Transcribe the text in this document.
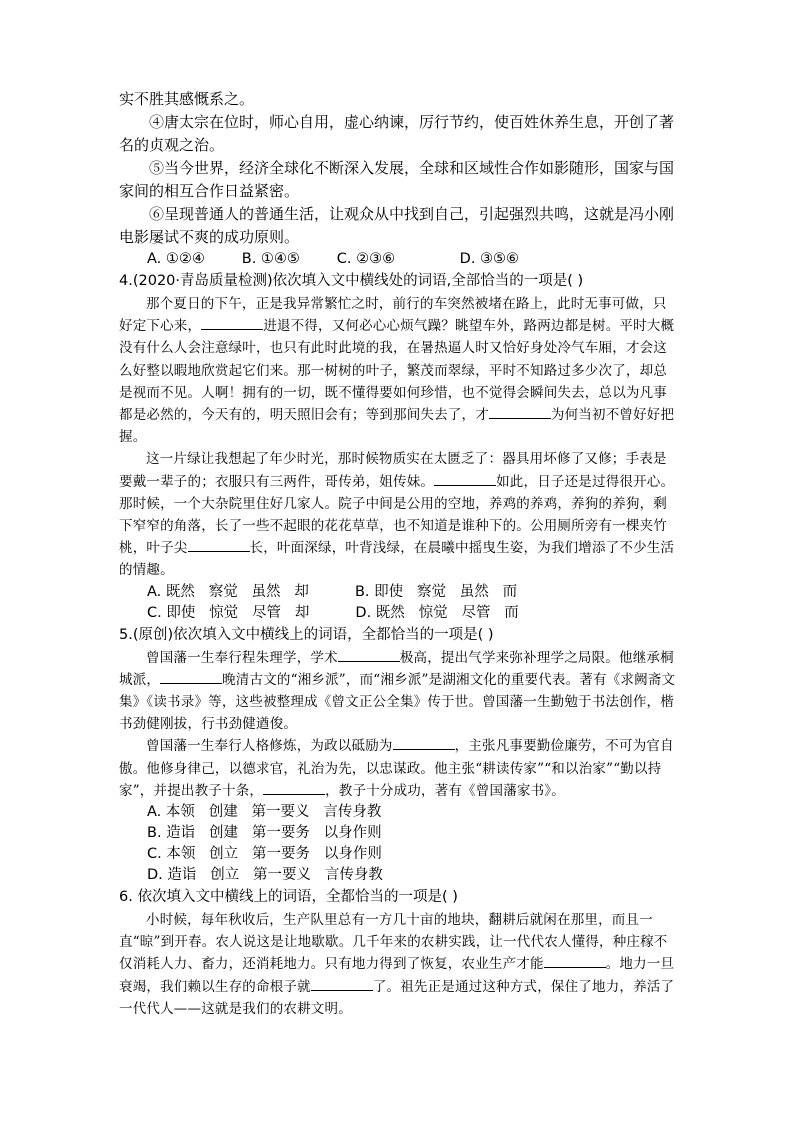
实不胜其感慨系之。

④唐太宗在位时，师心自用，虚心纳谏，厉行节约，使百姓休养生息，开创了著名的贞观之治。

⑤当今世界，经济全球化不断深入发展，全球和区域性合作如影随形，国家与国家间的相互合作日益紧密。

⑥呈现普通人的普通生活，让观众从中找到自己，引起强烈共鸣，这就是冯小刚电影屡试不爽的成功原则。

A. ①②④        B. ①④⑤        C. ②③⑥              D. ③⑤⑥

4.(2020·青岛质量检测)依次填入文中横线处的词语,全部恰当的一项是( )

那个夏日的下午，正是我异常繁忙之时，前行的车突然被堵在路上，此时无事可做，只好定下心来，	进退不得，又何必心心烦气躁？眺望车外，路两边都是树。平时大概没有什么人会注意绿叶，也只有此时此境的我，在暑热逼人时又恰好身处冷气车厢，才会这么好整以暇地欣赏起它们来。那一树树的叶子，繁茂而翠绿，平时不知路过多少次了，却总是视而不见。人啊！拥有的一切，既不懂得要如何珍惜，也不觉得会瞬间失去，总以为凡事都是必然的，今天有的，明天照旧会有；等到那间失去了，才	为何当初不曾好好把握。

这一片绿让我想起了年少时光，那时候物质实在太匮乏了：器具用坏修了又修；手表是要戴一辈子的；衣服只有三两件，哥传弟，姐传妹。	如此，日子还是过得很开心。那时候，一个大杂院里住好几家人。院子中间是公用的空地，养鸡的养鸡，养狗的养狗，剩下窄窄的角落，长了一些不起眼的花花草草，也不知道是谁种下的。公用厕所旁有一棵夹竹桃，叶子尖	长，叶面深绿，叶背浅绿，在晨曦中摇曳生姿，为我们增添了不少生活的情趣。

A. 既然   察觉   虽然   却          B. 即使   察觉   虽然   而

C. 即使   惊觉   尽管   却          D. 既然   惊觉   尽管   而

5.(原创)依次填入文中横线上的词语，全都恰当的一项是( )

曾国藩一生奉行程朱理学，学术	极高，提出气学来弥补理学之局限。他继承桐城派，	晚清古文的“湘乡派”，而“湘乡派”是湖湘文化的重要代表。著有《求阙斋文集》《读书录》等，这些被整理成《曾文正公全集》传于世。曾国藩一生勤勉于书法创作，楷书劲健刚拔，行书劲健遒俊。

曾国藩一生奉行人格修炼，为政以砥励为	，主张凡事要勤俭廉劳，不可为官自傲。他修身律己，以德求官，礼治为先，以忠谋政。他主张“耕读传家”“和以治家”“勤以持家”，并提出教子十条，	，教子十分成功，著有《曾国藩家书》。

A. 本领   创建   第一要义   言传身教

B. 造诣   创建   第一要务   以身作则

C. 本领   创立   第一要务   以身作则

D. 造诣   创立   第一要义   言传身教

6. 依次填入文中横线上的词语，全都恰当的一项是( )

小时候，每年秋收后，生产队里总有一方几十亩的地块，翻耕后就闲在那里，而且一直“晾”到开春。农人说这是让地歇歇。几千年来的农耕实践，让一代代农人懂得，种庄稼不仅消耗人力、畜力，还消耗地力。只有地力得到了恢复，农业生产才能	。地力一旦衰竭，我们赖以生存的命根子就	了。祖先正是通过这种方式，保住了地力，养活了一代代人——这就是我们的农耕文明。
